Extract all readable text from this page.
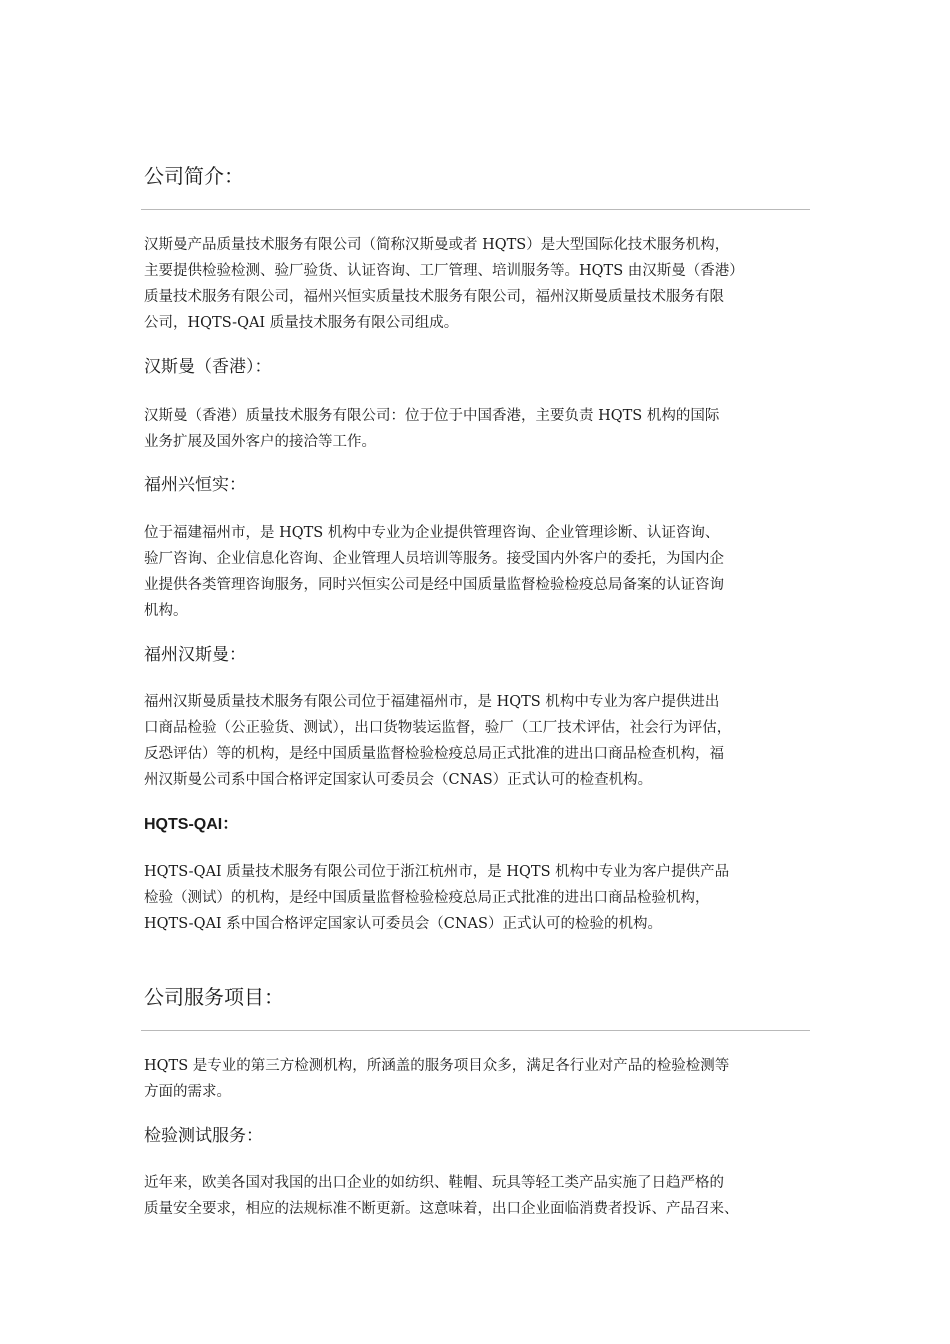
公司简介：

汉斯曼产品质量技术服务有限公司（简称汉斯曼或者 HQTS）是大型国际化技术服务机构，
主要提供检验检测、验厂验货、认证咨询、工厂管理、培训服务等。HQTS 由汉斯曼（香港）
质量技术服务有限公司，福州兴恒实质量技术服务有限公司，福州汉斯曼质量技术服务有限
公司，HQTS-QAI 质量技术服务有限公司组成。

汉斯曼（香港）：

汉斯曼（香港）质量技术服务有限公司：位于位于中国香港，主要负责 HQTS 机构的国际
业务扩展及国外客户的接洽等工作。

福州兴恒实：

位于福建福州市，是 HQTS 机构中专业为企业提供管理咨询、企业管理诊断、认证咨询、
验厂咨询、企业信息化咨询、企业管理人员培训等服务。接受国内外客户的委托，为国内企
业提供各类管理咨询服务，同时兴恒实公司是经中国质量监督检验检疫总局备案的认证咨询
机构。

福州汉斯曼：

福州汉斯曼质量技术服务有限公司位于福建福州市，是 HQTS 机构中专业为客户提供进出
口商品检验（公正验货、测试），出口货物装运监督，验厂（工厂技术评估，社会行为评估，
反恐评估）等的机构，是经中国质量监督检验检疫总局正式批准的进出口商品检查机构，福
州汉斯曼公司系中国合格评定国家认可委员会（CNAS）正式认可的检查机构。

HQTS-QAI：

HQTS-QAI 质量技术服务有限公司位于浙江杭州市，是 HQTS 机构中专业为客户提供产品
检验（测试）的机构，是经中国质量监督检验检疫总局正式批准的进出口商品检验机构，
HQTS-QAI 系中国合格评定国家认可委员会（CNAS）正式认可的检验的机构。

公司服务项目：

HQTS 是专业的第三方检测机构，所涵盖的服务项目众多，满足各行业对产品的检验检测等
方面的需求。

检验测试服务：

近年来，欧美各国对我国的出口企业的如纺织、鞋帽、玩具等轻工类产品实施了日趋严格的
质量安全要求，相应的法规标准不断更新。这意味着，出口企业面临消费者投诉、产品召来、
